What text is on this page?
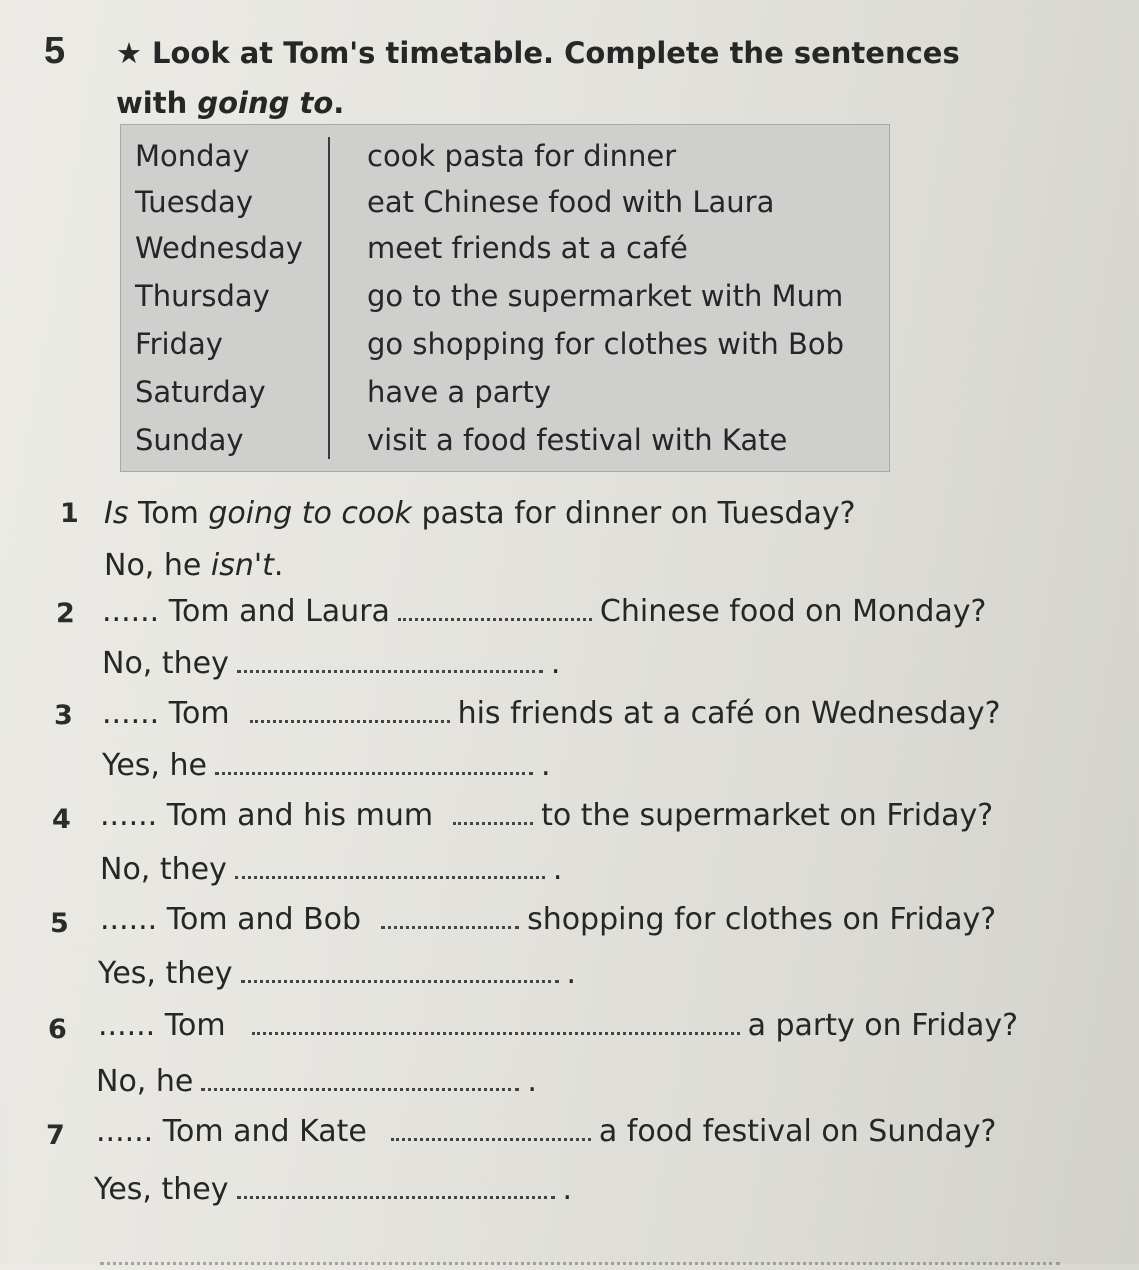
5 ★ Look at Tom's timetable. Complete the sentences
with going to.
Monday	cook pasta for dinner
Tuesday	eat Chinese food with Laura
Wednesday meet friends at a café
Thursday	go to the supermarket with Mum
Friday	go shopping for clothes with Bob
Saturday	have a party
Sunday	visit a food festival with Kate
1 Is Tom going to cook pasta for dinner on Tuesday?
No, he isn't.
2 ...... Tom and Laura	Chinese food on Monday?
No, they	.
3 ...... Tom	his friends at a café on Wednesday?
Yes, he	.
4 ...... Tom and his mum	to the supermarket on Friday?
No, they	.
5 ...... Tom and Bob	shopping for clothes on Friday?
Yes, they	.
6 ...... Tom	a party on Friday?
No, he	.
7 ...... Tom and Kate	a food festival on Sunday?
Yes, they	.
